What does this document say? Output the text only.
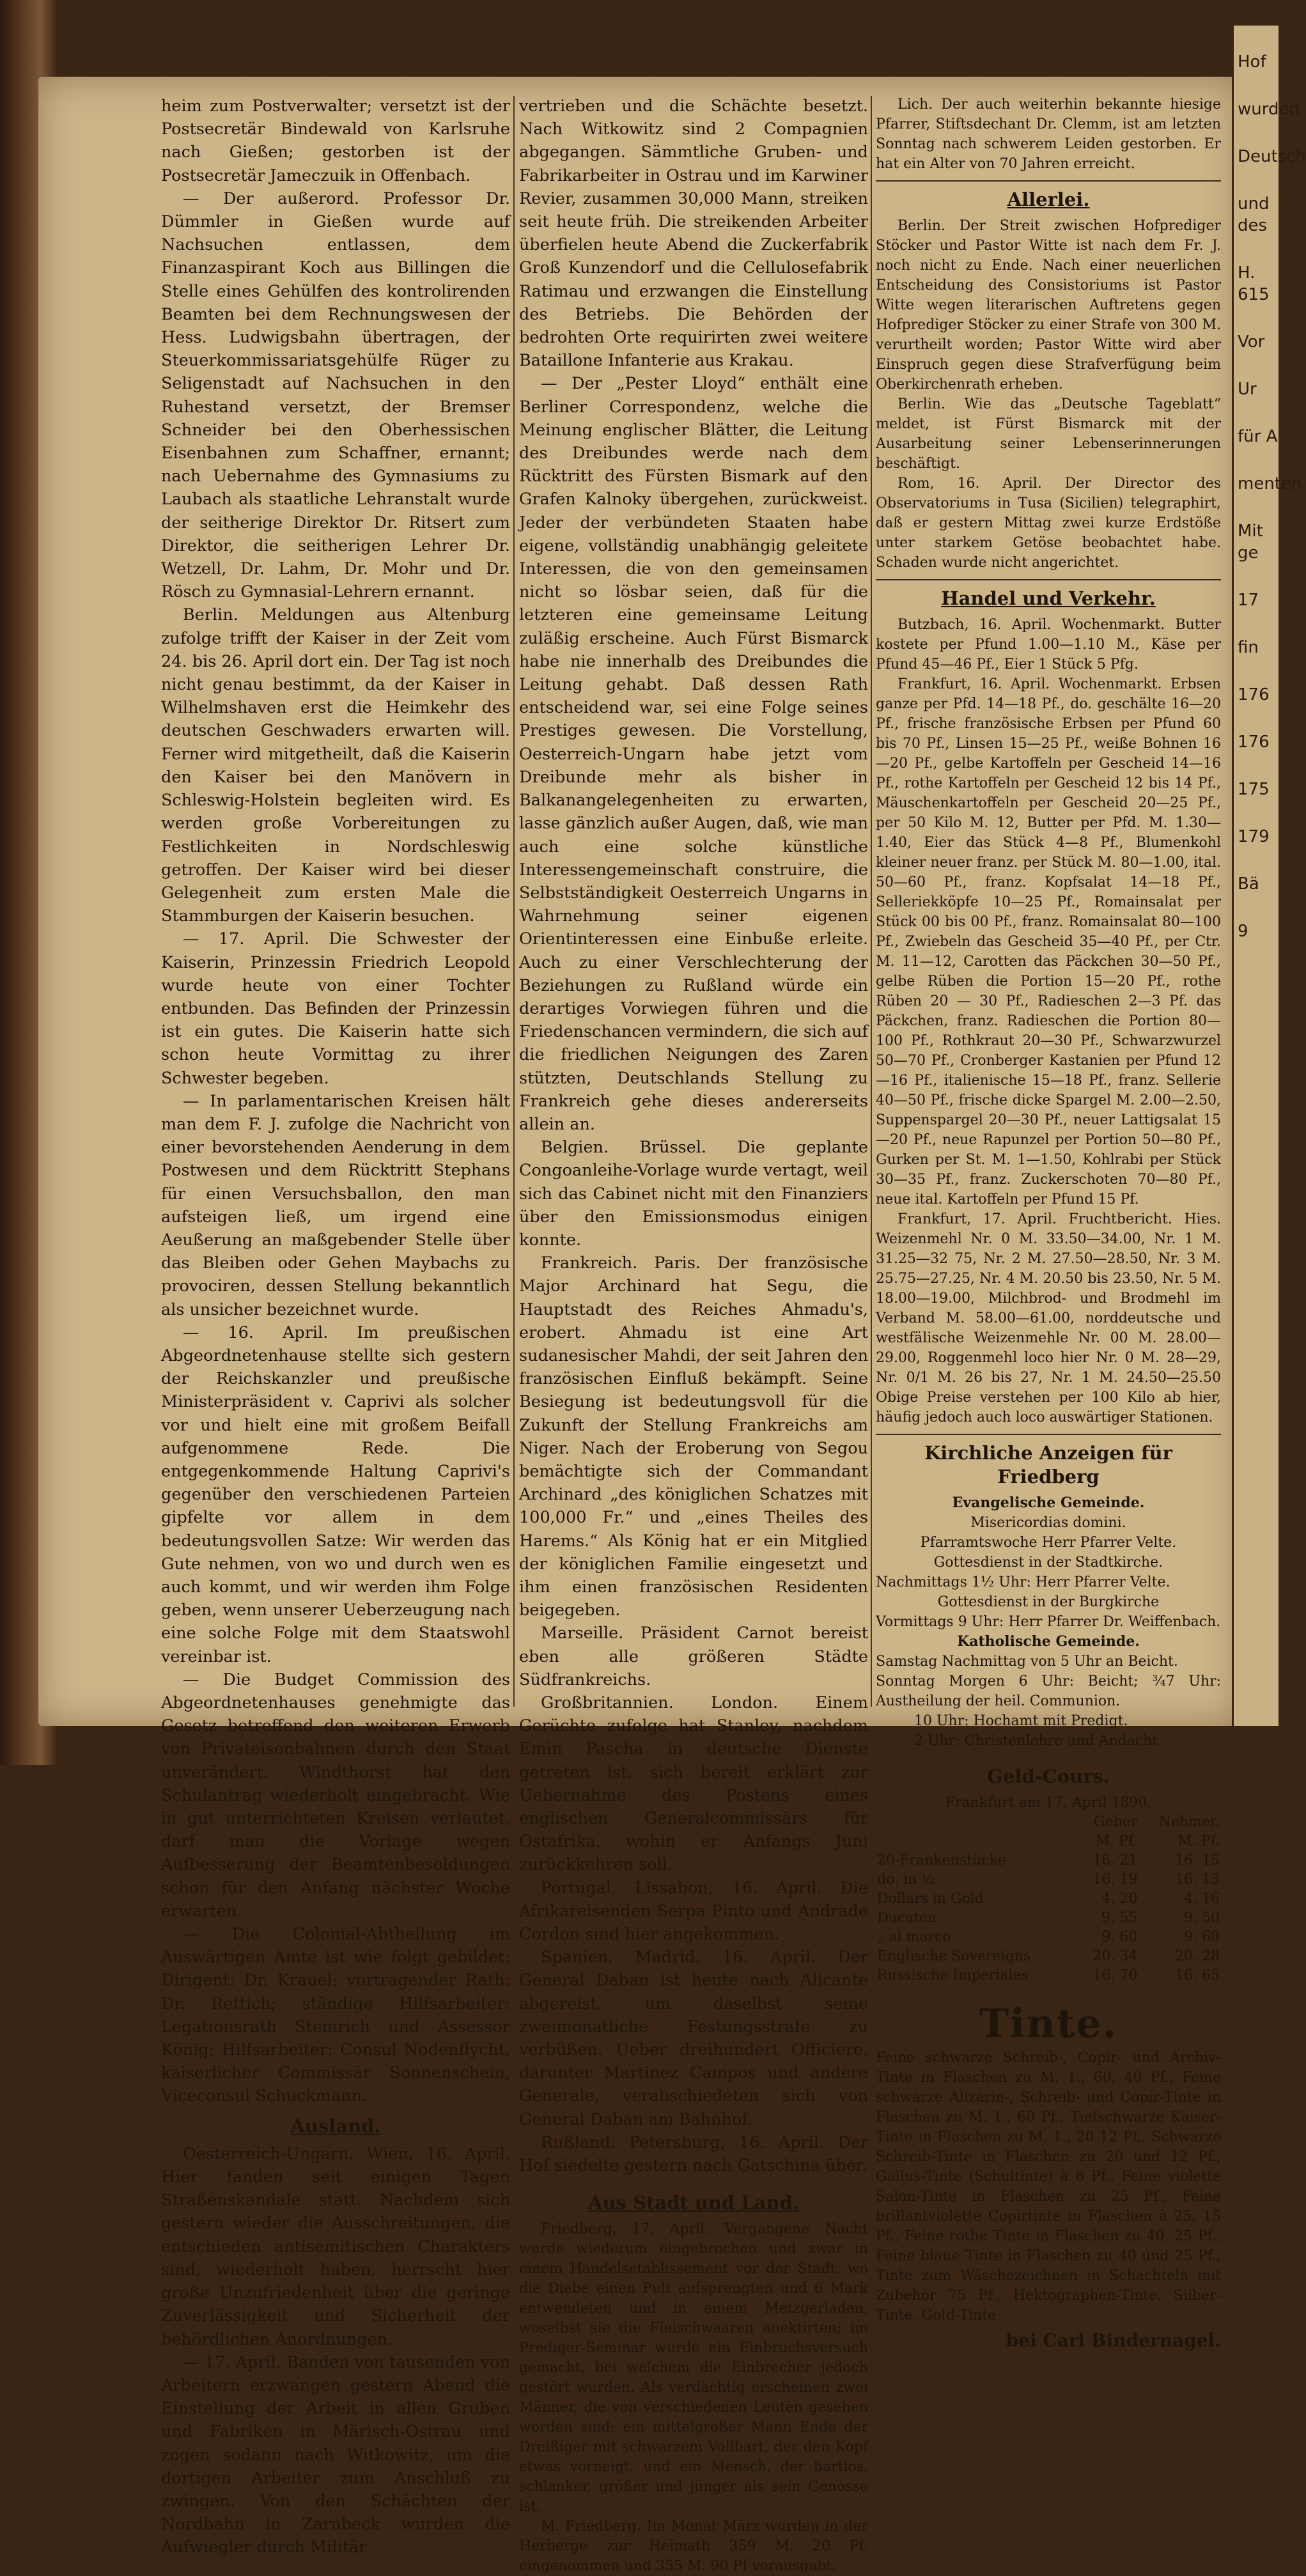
Hof
wurden
Deutsch
und des
H. 615
Vor
Ur
für A
menten
Mit ge
17
fin
176
176
175
179
Bä
9

heim zum Postverwalter; versetzt ist der Postsecretär Bindewald von Karlsruhe nach Gießen; gestorben ist der Postsecretär Jameczuik in Offenbach.

— Der außerord. Professor Dr. Dümmler in Gießen wurde auf Nachsuchen entlassen, dem Finanzaspirant Koch aus Billingen die Stelle eines Gehülfen des kontrolirenden Beamten bei dem Rechnungswesen der Hess. Ludwigsbahn übertragen, der Steuerkommissariatsgehülfe Rüger zu Seligenstadt auf Nachsuchen in den Ruhestand versetzt, der Bremser Schneider bei den Oberhessischen Eisenbahnen zum Schaffner, ernannt; nach Uebernahme des Gymnasiums zu Laubach als staatliche Lehranstalt wurde der seitherige Direktor Dr. Ritsert zum Direktor, die seitherigen Lehrer Dr. Wetzell, Dr. Lahm, Dr. Mohr und Dr. Rösch zu Gymnasial-Lehrern ernannt.

Berlin. Meldungen aus Altenburg zufolge trifft der Kaiser in der Zeit vom 24. bis 26. April dort ein. Der Tag ist noch nicht genau bestimmt, da der Kaiser in Wilhelmshaven erst die Heimkehr des deutschen Geschwaders erwarten will. Ferner wird mitgetheilt, daß die Kaiserin den Kaiser bei den Manövern in Schleswig-Holstein begleiten wird. Es werden große Vorbereitungen zu Festlichkeiten in Nordschleswig getroffen. Der Kaiser wird bei dieser Gelegenheit zum ersten Male die Stammburgen der Kaiserin besuchen.

— 17. April. Die Schwester der Kaiserin, Prinzessin Friedrich Leopold wurde heute von einer Tochter entbunden. Das Befinden der Prinzessin ist ein gutes. Die Kaiserin hatte sich schon heute Vormittag zu ihrer Schwester begeben.

— In parlamentarischen Kreisen hält man dem F. J. zufolge die Nachricht von einer bevorstehenden Aenderung in dem Postwesen und dem Rücktritt Stephans für einen Versuchsballon, den man aufsteigen ließ, um irgend eine Aeußerung an maßgebender Stelle über das Bleiben oder Gehen Maybachs zu provociren, dessen Stellung bekanntlich als unsicher bezeichnet wurde.

— 16. April. Im preußischen Abgeordnetenhause stellte sich gestern der Reichskanzler und preußische Ministerpräsident v. Caprivi als solcher vor und hielt eine mit großem Beifall aufgenommene Rede. Die entgegenkommende Haltung Caprivi's gegenüber den verschiedenen Parteien gipfelte vor allem in dem bedeutungsvollen Satze: Wir werden das Gute nehmen, von wo und durch wen es auch kommt, und wir werden ihm Folge geben, wenn unserer Ueberzeugung nach eine solche Folge mit dem Staatswohl vereinbar ist.

— Die Budget Commission des Abgeordnetenhauses genehmigte das Gesetz betreffend den weiteren Erwerb von Privateisenbahnen durch den Staat unverändert. Windthorst hat den Schulantrag wiederholt eingebracht. Wie in gut unterrichteten Kreisen verlautet, darf man die Vorlage wegen Aufbesserung der Beamtenbesoldungen schon für den Anfang nächster Woche erwarten.

— Die Colonial-Abtheilung im Auswärtigen Amte ist wie folgt gebildet: Dirigent: Dr. Krauel; vortragender Rath: Dr. Rettich; ständige Hilfsarbeiter: Legationsrath Stemrich und Assessor König; Hilfsarbeiter: Consul Nodenflycht, kaiserlicher Commissär Sonnenschein, Viceconsul Schuckmann.

Ausland.

Oesterreich-Ungarn. Wien, 16. April. Hier fanden seit einigen Tagen Straßenskandale statt. Nachdem sich gestern wieder die Ausschreitungen, die entschieden antisemitischen Charakters sind, wiederholt haben, herrscht hier große Unzufriedenheit über die geringe Zuverlässigkeit und Sicherheit der behördlichen Anordnungen.

— 17. April. Banden von tausenden von Arbeitern erzwangen gestern Abend die Einstellung der Arbeit in allen Gruben und Fabriken in Märisch-Ostrau und zogen sodann nach Witkowitz, um die dortigen Arbeiter zum Anschluß zu zwingen. Von den Schächten der Nordbahn in Zarnbeck wurden die Aufwiegler durch Militär

vertrieben und die Schächte besetzt. Nach Witkowitz sind 2 Compagnien abgegangen. Sämmtliche Gruben- und Fabrikarbeiter in Ostrau und im Karwiner Revier, zusammen 30,000 Mann, streiken seit heute früh. Die streikenden Arbeiter überfielen heute Abend die Zuckerfabrik Groß Kunzendorf und die Cellulosefabrik Ratimau und erzwangen die Einstellung des Betriebs. Die Behörden der bedrohten Orte requirirten zwei weitere Bataillone Infanterie aus Krakau.

— Der „Pester Lloyd“ enthält eine Berliner Correspondenz, welche die Meinung englischer Blätter, die Leitung des Dreibundes werde nach dem Rücktritt des Fürsten Bismark auf den Grafen Kalnoky übergehen, zurückweist. Jeder der verbündeten Staaten habe eigene, vollständig unabhängig geleitete Interessen, die von den gemeinsamen nicht so lösbar seien, daß für die letzteren eine gemeinsame Leitung zuläßig erscheine. Auch Fürst Bismarck habe nie innerhalb des Dreibundes die Leitung gehabt. Daß dessen Rath entscheidend war, sei eine Folge seines Prestiges gewesen. Die Vorstellung, Oesterreich-Ungarn habe jetzt vom Dreibunde mehr als bisher in Balkanangelegenheiten zu erwarten, lasse gänzlich außer Augen, daß, wie man auch eine solche künstliche Interessengemeinschaft construire, die Selbstständigkeit Oesterreich Ungarns in Wahrnehmung seiner eigenen Orientinteressen eine Einbuße erleite. Auch zu einer Verschlechterung der Beziehungen zu Rußland würde ein derartiges Vorwiegen führen und die Friedenschancen vermindern, die sich auf die friedlichen Neigungen des Zaren stützten, Deutschlands Stellung zu Frankreich gehe dieses andererseits allein an.

Belgien. Brüssel. Die geplante Congoanleihe-Vorlage wurde vertagt, weil sich das Cabinet nicht mit den Finanziers über den Emissionsmodus einigen konnte.

Frankreich. Paris. Der französische Major Archinard hat Segu, die Hauptstadt des Reiches Ahmadu's, erobert. Ahmadu ist eine Art sudanesischer Mahdi, der seit Jahren den französischen Einfluß bekämpft. Seine Besiegung ist bedeutungsvoll für die Zukunft der Stellung Frankreichs am Niger. Nach der Eroberung von Segou bemächtigte sich der Commandant Archinard „des königlichen Schatzes mit 100,000 Fr.“ und „eines Theiles des Harems.“ Als König hat er ein Mitglied der königlichen Familie eingesetzt und ihm einen französischen Residenten beigegeben.

Marseille. Präsident Carnot bereist eben alle größeren Städte Südfrankreichs.

Großbritannien. London. Einem Gerüchte zufolge hat Stanley, nachdem Emin Pascha in deutsche Dienste getreten ist, sich bereit erklärt zur Uebernahme des Postens eines englischen Generalcommissärs für Ostafrika, wohin er Anfangs Juni zurückkehren soll.

Portugal. Lissabon, 16. April. Die Afrikareisenden Serpa Pinto und Andrade Cordon sind hier angekommen.

Spanien. Madrid, 16. April. Der General Daban ist heute nach Alicante abgereist, um daselbst seine zweimonatliche Festungsstrafe zu verbüßen. Ueber dreihundert Officiere, darunter Martinez Campos und andere Generale, verabschiedeten sich von General Daban am Bahnhof.

Rußland. Petersburg, 16. April. Der Hof siedelte gestern nach Gatschina über.

Aus Stadt und Land.

Friedberg, 17. April. Vergangene Nacht wurde wiederum eingebrochen und zwar in einem Handelsetablissement vor der Stadt, wo die Diebe einen Pult aufsprengten und 6 Mark entwendeten und in einem Metzgerladen, woselbst sie die Fleischwaaren anektirten; im Prediger-Seminar wurde ein Einbruchsversuch gemacht, bei welchem die Einbrecher jedoch gestört wurden. Als verdächtig erscheinen zwei Männer, die von verschiedenen Leuten gesehen worden sind: ein mittelgroßer Mann Ende der Dreißiger mit schwarzem Vollbart, der den Kopf etwas vorneigt, und ein Mensch, der bartlos, schlanker, größer und jünger als sein Genosse ist.

M. Friedberg. Im Monat März wurden in der Herberge zur Heimath 359 M. 20 Pf. eingenommen und 355 M. 90 Pf verausgabt.

Lich. Der auch weiterhin bekannte hiesige Pfarrer, Stiftsdechant Dr. Clemm, ist am letzten Sonntag nach schwerem Leiden gestorben. Er hat ein Alter von 70 Jahren erreicht.

Allerlei.

Berlin. Der Streit zwischen Hofprediger Stöcker und Pastor Witte ist nach dem Fr. J. noch nicht zu Ende. Nach einer neuerlichen Entscheidung des Consistoriums ist Pastor Witte wegen literarischen Auftretens gegen Hofprediger Stöcker zu einer Strafe von 300 M. verurtheilt worden; Pastor Witte wird aber Einspruch gegen diese Strafverfügung beim Oberkirchenrath erheben.

Berlin. Wie das „Deutsche Tageblatt“ meldet, ist Fürst Bismarck mit der Ausarbeitung seiner Lebenserinnerungen beschäftigt.

Rom, 16. April. Der Director des Observatoriums in Tusa (Sicilien) telegraphirt, daß er gestern Mittag zwei kurze Erdstöße unter starkem Getöse beobachtet habe. Schaden wurde nicht angerichtet.

Handel und Verkehr.

Butzbach, 16. April. Wochenmarkt. Butter kostete per Pfund 1.00—1.10 M., Käse per Pfund 45—46 Pf., Eier 1 Stück 5 Pfg.

Frankfurt, 16. April. Wochenmarkt. Erbsen ganze per Pfd. 14—18 Pf., do. geschälte 16—20 Pf., frische französische Erbsen per Pfund 60 bis 70 Pf., Linsen 15—25 Pf., weiße Bohnen 16—20 Pf., gelbe Kartoffeln per Gescheid 14—16 Pf., rothe Kartoffeln per Gescheid 12 bis 14 Pf., Mäuschenkartoffeln per Gescheid 20—25 Pf., per 50 Kilo M. 12, Butter per Pfd. M. 1.30—1.40, Eier das Stück 4—8 Pf., Blumenkohl kleiner neuer franz. per Stück M. 80—1.00, ital. 50—60 Pf., franz. Kopfsalat 14—18 Pf., Selleriekköpfe 10—25 Pf., Romainsalat per Stück 00 bis 00 Pf., franz. Romainsalat 80—100 Pf., Zwiebeln das Gescheid 35—40 Pf., per Ctr. M. 11—12, Carotten das Päckchen 30—50 Pf., gelbe Rüben die Portion 15—20 Pf., rothe Rüben 20 — 30 Pf., Radieschen 2—3 Pf. das Päckchen, franz. Radieschen die Portion 80—100 Pf., Rothkraut 20—30 Pf., Schwarzwurzel 50—70 Pf., Cronberger Kastanien per Pfund 12—16 Pf., italienische 15—18 Pf., franz. Sellerie 40—50 Pf., frische dicke Spargel M. 2.00—2.50, Suppenspargel 20—30 Pf., neuer Lattigsalat 15—20 Pf., neue Rapunzel per Portion 50—80 Pf., Gurken per St. M. 1—1.50, Kohlrabi per Stück 30—35 Pf., franz. Zuckerschoten 70—80 Pf., neue ital. Kartoffeln per Pfund 15 Pf.

Frankfurt, 17. April. Fruchtbericht. Hies. Weizenmehl Nr. 0 M. 33.50—34.00, Nr. 1 M. 31.25—32 75, Nr. 2 M. 27.50—28.50, Nr. 3 M. 25.75—27.25, Nr. 4 M. 20.50 bis 23.50, Nr. 5 M. 18.00—19.00, Milchbrod- und Brodmehl im Verband M. 58.00—61.00, norddeutsche und westfälische Weizenmehle Nr. 00 M. 28.00—29.00, Roggenmehl loco hier Nr. 0 M. 28—29, Nr. 0/1 M. 26 bis 27, Nr. 1 M. 24.50—25.50 Obige Preise verstehen per 100 Kilo ab hier, häufig jedoch auch loco auswärtiger Stationen.

Kirchliche Anzeigen für Friedberg

Evangelische Gemeinde.

Misericordias domini.

Pfarramtswoche Herr Pfarrer Velte.

Gottesdienst in der Stadtkirche.

Nachmittags 1½ Uhr: Herr Pfarrer Velte.

Gottesdienst in der Burgkirche

Vormittags 9 Uhr: Herr Pfarrer Dr. Weiffenbach.

Katholische Gemeinde.

Samstag Nachmittag von 5 Uhr an Beicht.

Sonntag Morgen 6 Uhr: Beicht; ¾7 Uhr: Austheilung der heil. Communion.

10 Uhr: Hochamt mit Predigt.

2 Uhr: Christenlehre und Andacht.

Geld-Cours.

Frankfurt am 17. April 1890.

	Geber	Nehmer.
	M. Pf.	M. Pf.
20-Frankenstücke	16. 21	16. 15
do. in ½	16. 19	16. 13
Dollars in Gold	4. 20	4. 16
Ducaten	9. 55	9. 50
„ al marco	9. 60	9. 60
Englische Sovereigns	20. 34	20. 28
Russische Imperiales	16. 70	16. 65
Tinte.

Feine schwarze Schreib-, Copir- und Archiv-Tinte in Flaschen zu M. 1., 60, 40 Pf., Feine schwarze Alizarin-, Schreib- und Copir-Tinte in Flaschen zu M. 1., 60 Pf., Tiefschwarze Kaiser-Tinte in Flaschen zu M. 1., 20 12 Pf., Schwarze Schreib-Tinte in Flaschen zu 20 und 12 Pf., Gallus-Tinte (Schultinte) à 8 Pf., Feine violette Salon-Tinte in Flaschen zu 25 Pf., Feine brillantviolette Copirtinte in Flaschen à 25, 15 Pf., Feine rothe Tinte in Flaschen zu 40, 25 Pf., Feine blaue Tinte in Flaschen zu 40 und 25 Pf., Tinte zum Wäschezeichnen in Schachteln mit Zubehör 75 Pf., Hektographen-Tinte, Silber-Tinte, Gold-Tinte

bei Carl Bindernagel.
